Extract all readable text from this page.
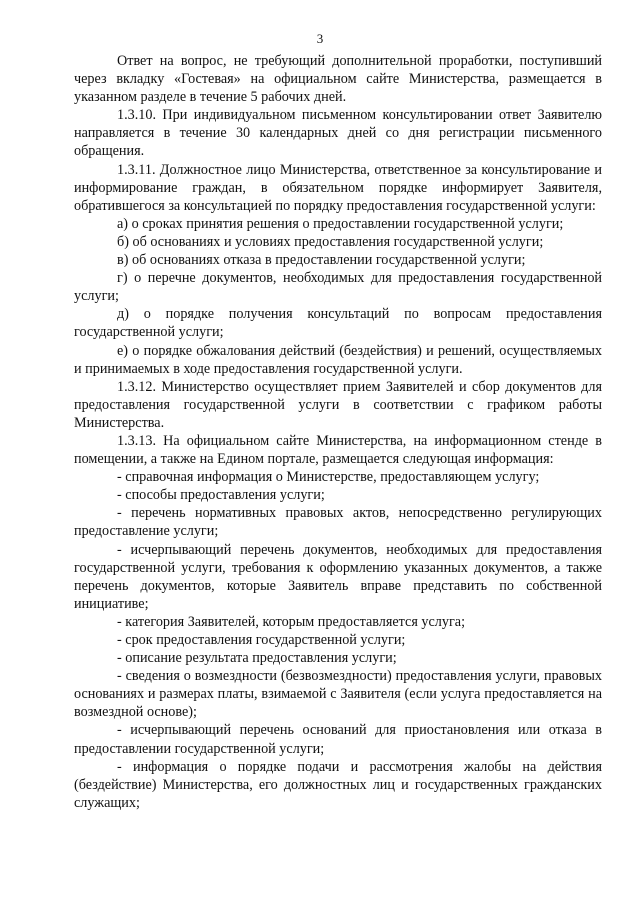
3

Ответ на вопрос, не требующий дополнительной проработки, поступивший через вкладку «Гостевая» на официальном сайте Министерства, размещается в указанном разделе в течение 5 рабочих дней.

1.3.10. При индивидуальном письменном консультировании ответ Заявителю направляется в течение 30 календарных дней со дня регистрации письменного обращения.

1.3.11. Должностное лицо Министерства, ответственное за консультирование и информирование граждан, в обязательном порядке информирует Заявителя, обратившегося за консультацией по порядку предоставления государственной услуги:

а) о сроках принятия решения о предоставлении государственной услуги;

б) об основаниях и условиях предоставления государственной услуги;

в) об основаниях отказа в предоставлении государственной услуги;

г) о перечне документов, необходимых для предоставления государственной услуги;

д) о порядке получения консультаций по вопросам предоставления государственной услуги;

е) о порядке обжалования действий (бездействия) и решений, осуществляемых и принимаемых в ходе предоставления государственной услуги.

1.3.12. Министерство осуществляет прием Заявителей и сбор документов для предоставления государственной услуги в соответствии с графиком работы Министерства.

1.3.13. На официальном сайте Министерства, на информационном стенде в помещении, а также на Едином портале, размещается следующая информация:

- справочная информация о Министерстве, предоставляющем услугу;

- способы предоставления услуги;

- перечень нормативных правовых актов, непосредственно регулирующих предоставление услуги;

- исчерпывающий перечень документов, необходимых для предоставления государственной услуги, требования к оформлению указанных документов, а также перечень документов, которые Заявитель вправе представить по собственной инициативе;

- категория Заявителей, которым предоставляется услуга;

- срок предоставления государственной услуги;

- описание результата предоставления услуги;

- сведения о возмездности (безвозмездности) предоставления услуги, правовых основаниях и размерах платы, взимаемой с Заявителя (если услуга предоставляется на возмездной основе);

- исчерпывающий перечень оснований для приостановления или отказа в предоставлении государственной услуги;

- информация о порядке подачи и рассмотрения жалобы на действия (бездействие) Министерства, его должностных лиц и государственных гражданских служащих;
